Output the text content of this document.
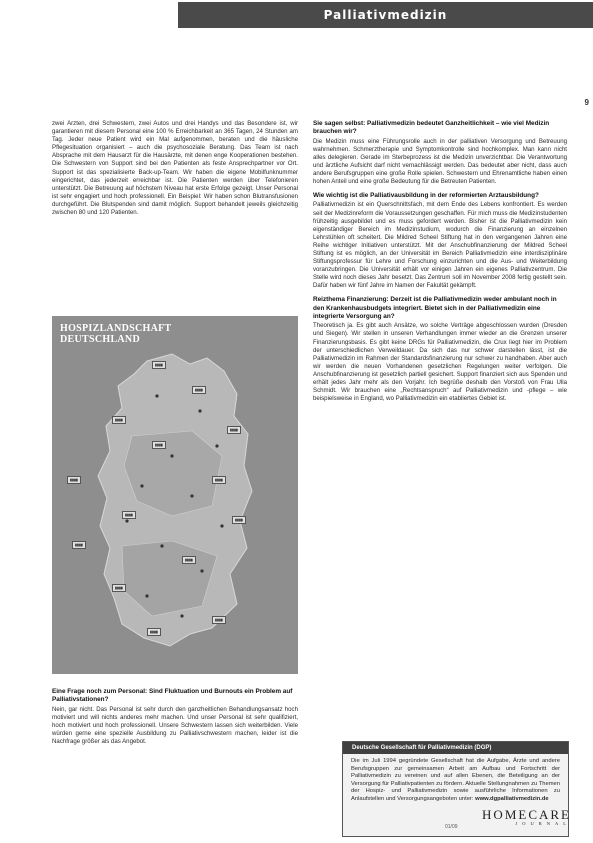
Palliativmedizin
9

zwei Ärzten, drei Schwestern, zwei Autos und drei Handys und das Besondere ist, wir garantieren mit diesem Personal eine 100 % Erreichbarkeit an 365 Tagen, 24 Stunden am Tag. Jeder neue Patient wird ein Mal aufgenommen, beraten und die häusliche Pflegesituation organisiert – auch die psychosoziale Beratung. Das Team ist nach Absprache mit dem Hausarzt für die Hausärzte, mit denen enge Kooperationen bestehen. Die Schwestern von Support sind bei den Patienten als feste Ansprechpartner vor Ort. Support ist das spezialisierte Back-up-Team. Wir haben die eigene Mobilfunknummer eingerichtet, das jederzeit erreichbar ist. Die Patienten werden über Telefonieren unterstützt. Die Betreuung auf höchstem Niveau hat erste Erfolge gezeigt. Unser Personal ist sehr engagiert und hoch professionell. Ein Beispiel: Wir haben schon Blutransfusionen durchgeführt. Die Blutspenden sind damit möglich. Support behandelt jeweils gleichzeitig zwischen 80 und 120 Patienten.

HOSPIZLANDSCHAFT
DEUTSCHLAND
▮▮▮▮
▮▮▮▮
▮▮▮▮
▮▮▮▮
▮▮▮▮
▮▮▮▮
▮▮▮▮
▮▮▮▮
▮▮▮▮
▮▮▮▮
▮▮▮▮
▮▮▮▮
▮▮▮▮
▮▮▮▮
Eine Frage noch zum Personal: Sind Fluktuation und Burnouts ein Problem auf Palliativstationen?

Nein, gar nicht. Das Personal ist sehr durch den ganzheitlichen Behandlungsansatz hoch motiviert und will nichts anderes mehr machen. Und unser Personal ist sehr qualifiziert, hoch motiviert und hoch professionell. Unsere Schwestern lassen sich weiterbilden. Viele würden gerne eine spezielle Ausbildung zu Palliativschwestern machen, leider ist die Nachfrage größer als das Angebot.

Sie sagen selbst: Palliativmedizin bedeutet Ganzheitlichkeit – wie viel Medizin brauchen wir?

Die Medizin muss eine Führungsrolle auch in der palliativen Versorgung und Betreuung wahrnehmen. Schmerztherapie und Symptomkontrolle sind hochkomplex. Man kann nicht alles delegieren. Gerade im Sterbeprozess ist die Medizin unverzichtbar. Die Verantwortung und ärztliche Aufsicht darf nicht vernachlässigt werden. Das bedeutet aber nicht, dass auch andere Berufsgruppen eine große Rolle spielen. Schwestern und Ehrenamtliche haben einen hohen Anteil und eine große Bedeutung für die Betreuten Patienten.

Wie wichtig ist die Palliativausbildung in der reformierten Arztausbildung?

Palliativmedizin ist ein Querschnittsfach, mit dem Ende des Lebens konfrontiert. Es werden seit der Medizinreform die Voraussetzungen geschaffen. Für mich muss die Medizinstudenten frühzeitig ausgebildet und es muss gefordert werden. Bisher ist die Palliativmedizin kein eigenständiger Bereich im Medizinstudium, wodurch die Finanzierung an einzelnen Lehrstühlen oft scheitert. Die Mildred Scheel Stiftung hat in den vergangenen Jahren eine Reihe wichtiger Initiativen unterstützt. Mit der Anschubfinanzierung der Mildred Scheel Stiftung ist es möglich, an der Universität im Bereich Palliativmedizin eine interdisziplinäre Stiftungsprofessur für Lehre und Forschung einzurichten und die Aus- und Weiterbildung voranzubringen. Die Universität erhält vor einigen Jahren ein eigenes Palliativzentrum. Die Stelle wird noch dieses Jahr besetzt. Das Zentrum soll im November 2008 fertig gestellt sein. Dafür haben wir fünf Jahre im Namen der Fakultät gekämpft.

Reizthema Finanzierung: Derzeit ist die Palliativmedizin weder ambulant noch in den Krankenhausbudgets integriert. Bietet sich in der Palliativmedizin eine integrierte Versorgung an?

Theoretisch ja. Es gibt auch Ansätze, wo solche Verträge abgeschlossen wurden (Dresden und Siegen). Wir stellen in unseren Verhandlungen immer wieder an die Grenzen unserer Finanzierungsbasis. Es gibt keine DRGs für Palliativmedizin, die Crux liegt hier im Problem der unterschiedlichen Verweildauer. Da sich das nur schwer darstellen lässt, ist die Palliativmedizin im Rahmen der Standardsfinanzierung nur schwer zu handhaben. Aber auch wir werden die neuen Vorhandenen gesetzlichen Regelungen weiter verfolgen. Die Anschubfinanzierung ist gesetzlich partiell gesichert. Support finanziert sich aus Spenden und erhält jedes Jahr mehr als den Vorjahr. Ich begrüße deshalb den Vorstoß von Frau Ulla Schmidt. Wir brauchen eine „Rechtsanspruch“ auf Palliativmedizin und -pflege – wie beispielsweise in England, wo Palliativmedizin ein etabliertes Gebiet ist.

Deutsche Gesellschaft für Palliativmedizin (DGP)
Die im Juli 1994 gegründete Gesellschaft hat die Aufgabe, Ärzte und andere Berufsgruppen zur gemeinsamen Arbeit am Aufbau und Fortschritt der Palliativmedizin zu vereinen und auf allen Ebenen, die Beteiligung an der Versorgung für Palliativpatienten zu fördern. Aktuelle Stellungnahmen zu Themen der Hospiz- und Palliativmedizin sowie ausführliche Informationen zu Anlaufstellen und Versorgungsangeboten unter: www.dgpalliativmedizin.de
01/09
HOMECARE
JOURNAL
